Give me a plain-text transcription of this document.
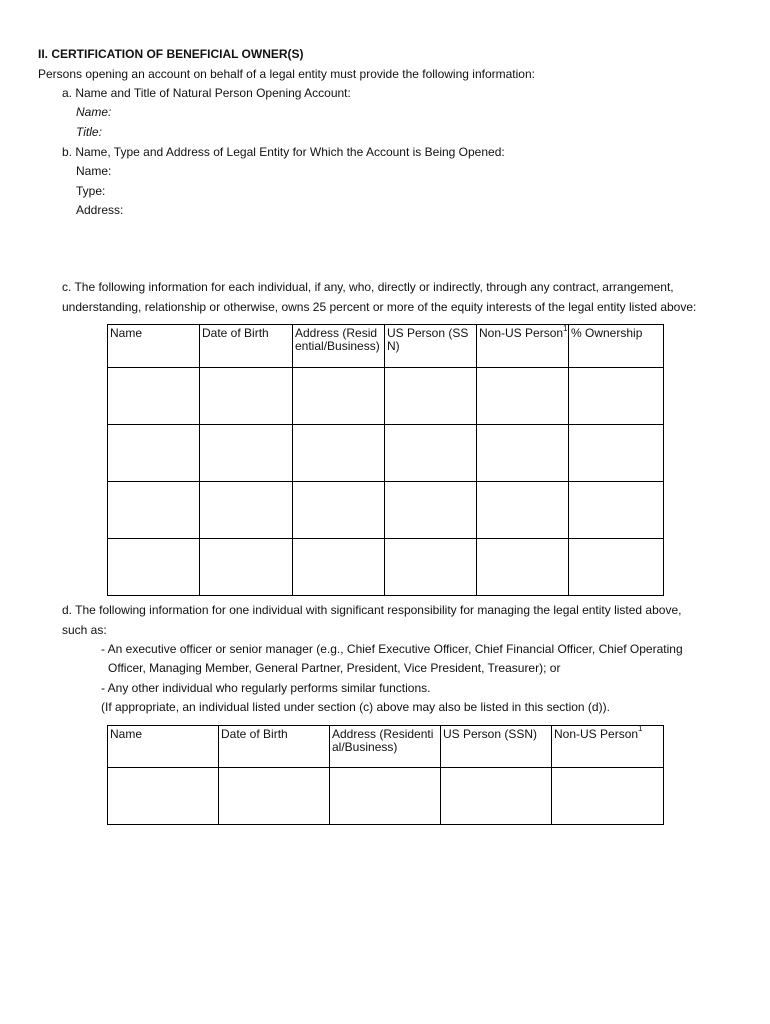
II. CERTIFICATION OF BENEFICIAL OWNER(S)
Persons opening an account on behalf of a legal entity must provide the following information:
a. Name and Title of Natural Person Opening Account:
Name:
Title:
b. Name, Type and Address of Legal Entity for Which the Account is Being Opened:
Name:
Type:
Address:
c. The following information for each individual, if any, who, directly or indirectly, through any contract, arrangement,
understanding, relationship or otherwise, owns 25 percent or more of the equity interests of the legal entity listed above:
Name	Date of Birth	Address (Residential/Business)	US Person (SSN)	Non-US Person 1	% Ownership

d. The following information for one individual with significant responsibility for managing the legal entity listed above,
such as:
- An executive officer or senior manager (e.g., Chief Executive Officer, Chief Financial Officer, Chief Operating
Officer, Managing Member, General Partner, President, Vice President, Treasurer); or
- Any other individual who regularly performs similar functions.
(If appropriate, an individual listed under section (c) above may also be listed in this section (d)).
Name	Date of Birth	Address (Residential/Business)	US Person (SSN)	Non-US Person$^1$
